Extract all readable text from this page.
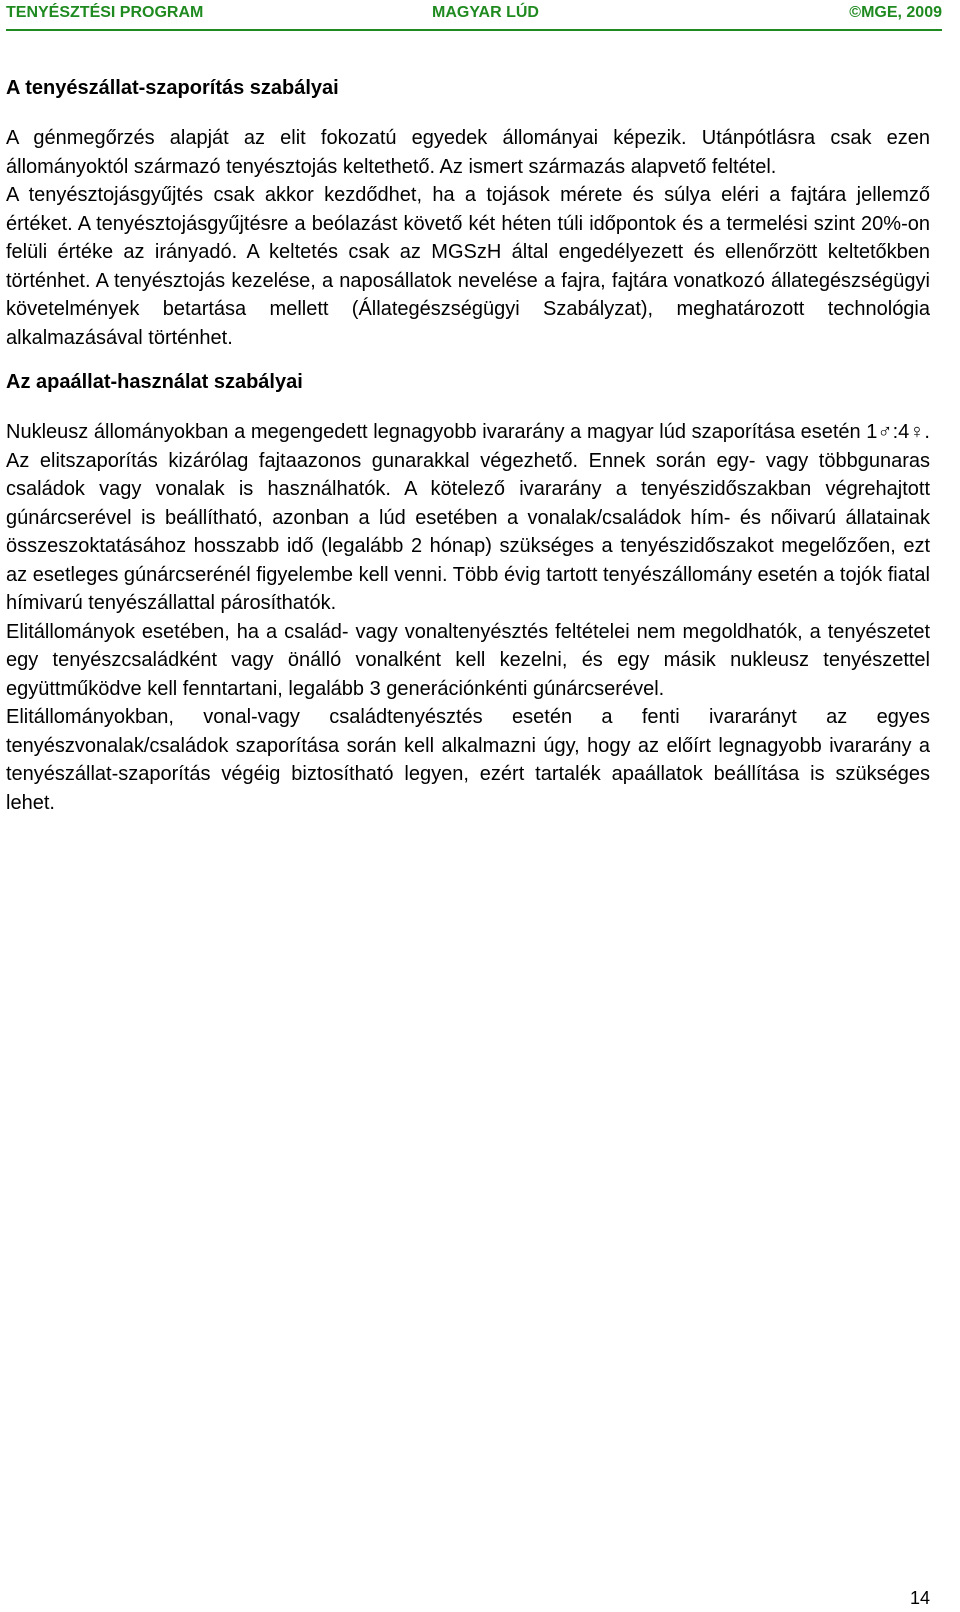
TENYÉSZTÉSI PROGRAM	MAGYAR LÚD	©MGE, 2009
A tenyészállat-szaporítás szabályai

A génmegőrzés alapját az elit fokozatú egyedek állományai képezik. Utánpótlásra csak ezen állományoktól származó tenyésztojás keltethető. Az ismert származás alapvető feltétel.

A tenyésztojásgyűjtés csak akkor kezdődhet, ha a tojások mérete és súlya eléri a fajtára jellemző értéket. A tenyésztojásgyűjtésre a beólazást követő két héten túli időpontok és a termelési szint 20%-on felüli értéke az irányadó. A keltetés csak az MGSzH által engedélyezett és ellenőrzött keltetőkben történhet. A tenyésztojás kezelése, a naposállatok nevelése a fajra, fajtára vonatkozó állategészségügyi követelmények betartása mellett (Állategészségügyi Szabályzat), meghatározott technológia alkalmazásával történhet.

Az apaállat-használat szabályai

Nukleusz állományokban a megengedett legnagyobb ivararány a magyar lúd szaporítása esetén 1♂:4♀. Az elitszaporítás kizárólag fajtaazonos gunarakkal végezhető. Ennek során egy- vagy többgunaras családok vagy vonalak is használhatók. A kötelező ivararány a tenyészidőszakban végrehajtott gúnárcserével is beállítható, azonban a lúd esetében a vonalak/családok hím- és nőivarú állatainak összeszoktatásához hosszabb idő (legalább 2 hónap) szükséges a tenyészidőszakot megelőzően, ezt az esetleges gúnárcserénél figyelembe kell venni. Több évig tartott tenyészállomány esetén a tojók fiatal hímivarú tenyészállattal párosíthatók.

Elitállományok esetében, ha a család- vagy vonaltenyésztés feltételei nem megoldhatók, a tenyészetet egy tenyészcsaládként vagy önálló vonalként kell kezelni, és egy másik nukleusz tenyészettel együttműködve kell fenntartani, legalább 3 generációnkénti gúnárcserével.

Elitállományokban, vonal-vagy családtenyésztés esetén a fenti ivararányt az egyes tenyészvonalak/családok szaporítása során kell alkalmazni úgy, hogy az előírt legnagyobb ivararány a tenyészállat-szaporítás végéig biztosítható legyen, ezért tartalék apaállatok beállítása is szükséges lehet.

14
